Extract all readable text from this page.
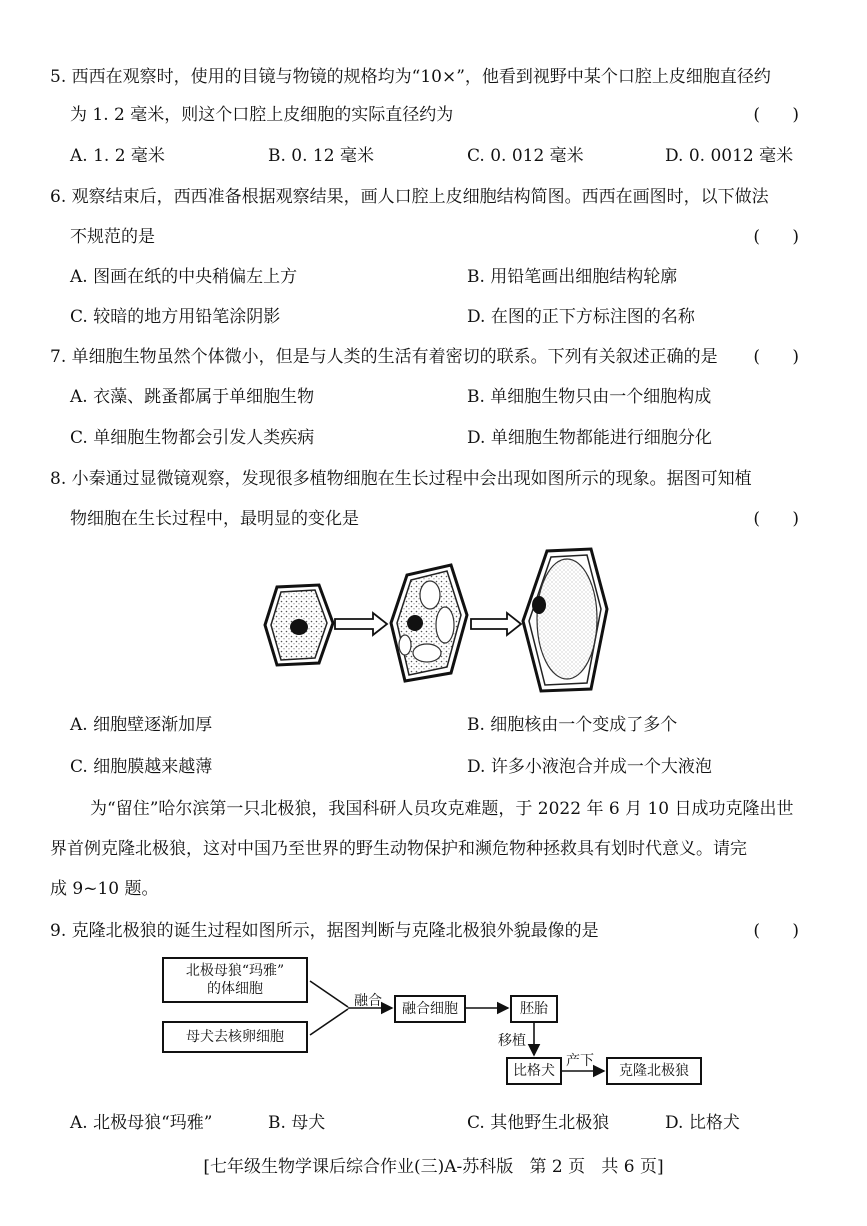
5. 西西在观察时，使用的目镜与物镜的规格均为“10×”，他看到视野中某个口腔上皮细胞直径约
为 1. 2 毫米，则这个口腔上皮细胞的实际直径约为	(      )
A. 1. 2 毫米	B. 0. 12 毫米	C. 0. 012 毫米	D. 0. 0012 毫米
6. 观察结束后，西西准备根据观察结果，画人口腔上皮细胞结构简图。西西在画图时，以下做法
不规范的是	(      )
A. 图画在纸的中央稍偏左上方	B. 用铅笔画出细胞结构轮廓
C. 较暗的地方用铅笔涂阴影	D. 在图的正下方标注图的名称
7. 单细胞生物虽然个体微小，但是与人类的生活有着密切的联系。下列有关叙述正确的是 (      )
A. 衣藻、跳蚤都属于单细胞生物	B. 单细胞生物只由一个细胞构成
C. 单细胞生物都会引发人类疾病	D. 单细胞生物都能进行细胞分化
8. 小秦通过显微镜观察，发现很多植物细胞在生长过程中会出现如图所示的现象。据图可知植
物细胞在生长过程中，最明显的变化是	(      )
A. 细胞壁逐渐加厚	B. 细胞核由一个变成了多个
C. 细胞膜越来越薄	D. 许多小液泡合并成一个大液泡
为“留住”哈尔滨第一只北极狼，我国科研人员攻克难题，于 2022 年 6 月 10 日成功克隆出世
界首例克隆北极狼，这对中国乃至世界的野生动物保护和濒危物种拯救具有划时代意义。请完
成 9~10 题。
9. 克隆北极狼的诞生过程如图所示，据图判断与克隆北极狼外貌最像的是	(      )
北极母狼“玛雅”
的体细胞
母犬去核卵细胞
融合	融合细胞	胚胎
移植
比格犬
产下
克隆北极狼
A. 北极母狼“玛雅”	B. 母犬	C. 其他野生北极狼	D. 比格犬
[七年级生物学课后综合作业(三)A-苏科版   第 2 页   共 6 页]
